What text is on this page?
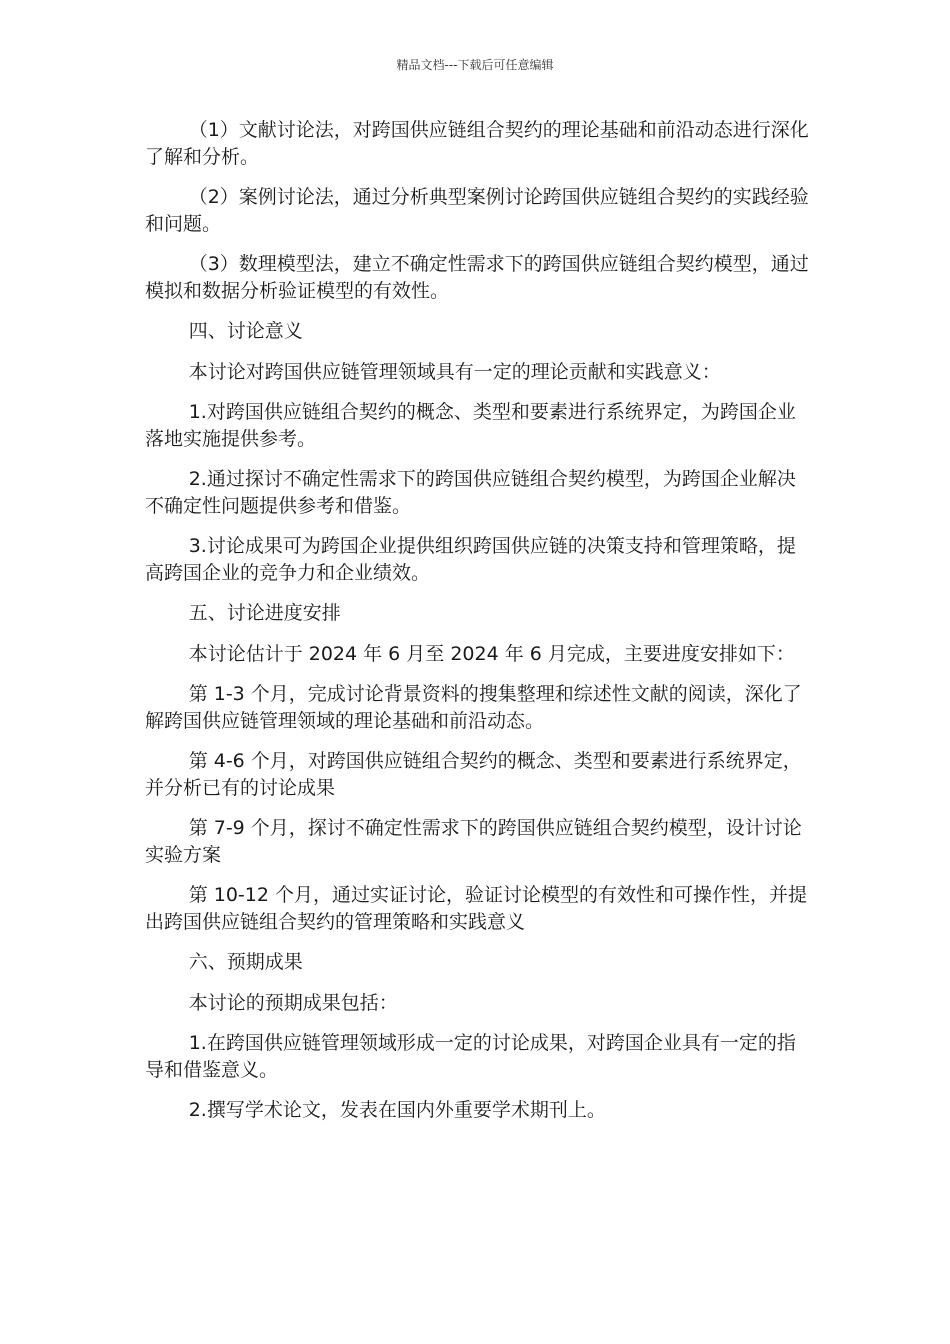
精品文档---下载后可任意编辑

（1）文献讨论法，对跨国供应链组合契约的理论基础和前沿动态进行深化了解和分析。

（2）案例讨论法，通过分析典型案例讨论跨国供应链组合契约的实践经验和问题。

（3）数理模型法，建立不确定性需求下的跨国供应链组合契约模型，通过模拟和数据分析验证模型的有效性。

四、讨论意义

本讨论对跨国供应链管理领域具有一定的理论贡献和实践意义：

1.对跨国供应链组合契约的概念、类型和要素进行系统界定，为跨国企业落地实施提供参考。

2.通过探讨不确定性需求下的跨国供应链组合契约模型，为跨国企业解决不确定性问题提供参考和借鉴。

3.讨论成果可为跨国企业提供组织跨国供应链的决策支持和管理策略，提高跨国企业的竞争力和企业绩效。

五、讨论进度安排

本讨论估计于 2024 年 6 月至 2024 年 6 月完成，主要进度安排如下：

第 1-3 个月，完成讨论背景资料的搜集整理和综述性文献的阅读，深化了解跨国供应链管理领域的理论基础和前沿动态。

第 4-6 个月，对跨国供应链组合契约的概念、类型和要素进行系统界定，并分析已有的讨论成果

第 7-9 个月，探讨不确定性需求下的跨国供应链组合契约模型，设计讨论实验方案

第 10-12 个月，通过实证讨论，验证讨论模型的有效性和可操作性，并提出跨国供应链组合契约的管理策略和实践意义

六、预期成果

本讨论的预期成果包括：

1.在跨国供应链管理领域形成一定的讨论成果，对跨国企业具有一定的指导和借鉴意义。

2.撰写学术论文，发表在国内外重要学术期刊上。
